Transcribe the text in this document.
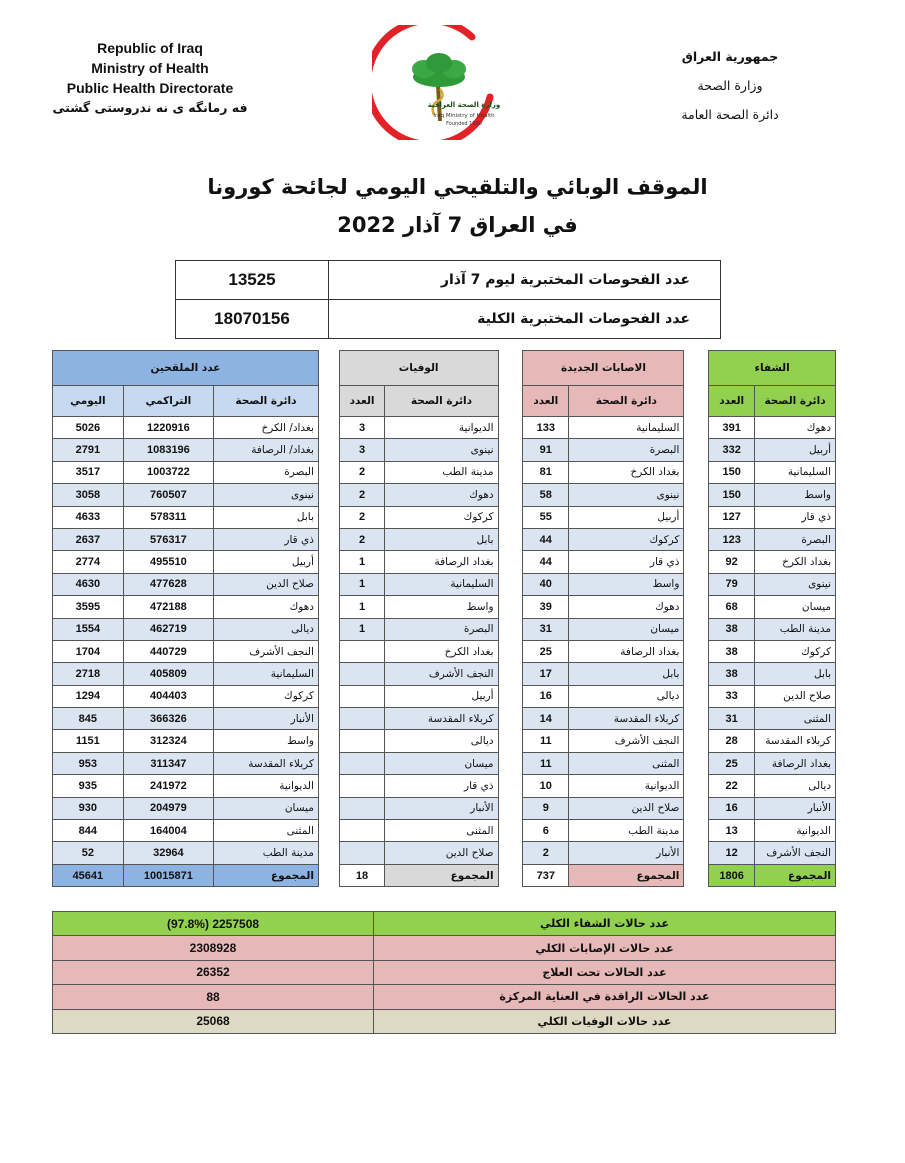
Republic of Iraq
Ministry of Health
Public Health Directorate
فه رمانگه ى نه ندروستى گشتى	وزارة الصحة العراقية
Iraq Ministry of Health
Founded 1920
جمهورية العراق
وزارة الصحة
دائرة الصحة العامة
الموقف الوبائي والتلقيحي اليومي لجائحة كورونا
في العراق 7 آذار 2022
عدد الفحوصات المختبرية ليوم 7 آذار	13525
عدد الفحوصات المختبرية الكلية	18070156
الشفاء			الاصابات الجديدة			الوفيات			عدد الملقحين		
دائرة الصحة	العدد		دائرة الصحة	العدد		دائرة الصحة	العدد		دائرة الصحة	التراكمي	اليومي
دهوك	391		السليمانية	133		الديوانية	3		بغداد/ الكرخ	1220916	5026
أربيل	332		البصرة	91		نينوى	3		بغداد/ الرصافة	1083196	2791
السليمانية	150		بغداد الكرخ	81		مدينة الطب	2		البصرة	1003722	3517
واسط	150		نينوى	58		دهوك	2		نينوى	760507	3058
ذي قار	127		أربيل	55		كركوك	2		بابل	578311	4633
البصرة	123		كركوك	44		بابل	2		ذي قار	576317	2637
بغداد الكرخ	92		ذي قار	44		بغداد الرصافة	1		أربيل	495510	2774
نينوى	79		واسط	40		السليمانية	1		صلاح الدين	477628	4630
ميسان	68		دهوك	39		واسط	1		دهوك	472188	3595
مدينة الطب	38		ميسان	31		البصرة	1		ديالى	462719	1554
كركوك	38		بغداد الرصافة	25		بغداد الكرخ			النجف الأشرف	440729	1704
بابل	38		بابل	17		النجف الأشرف			السليمانية	405809	2718
صلاح الدين	33		ديالى	16		أربيل			كركوك	404403	1294
المثنى	31		كربلاء المقدسة	14		كربلاء المقدسة			الأنبار	366326	845
كربلاء المقدسة	28		النجف الأشرف	11		ديالى			واسط	312324	1151
بغداد الرصافة	25		المثنى	11		ميسان			كربلاء المقدسة	311347	953
ديالى	22		الديوانية	10		ذي قار			الديوانية	241972	935
الأنبار	16		صلاح الدين	9		الأنبار			ميسان	204979	930
الديوانية	13		مدينة الطب	6		المثنى			المثنى	164004	844
النجف الأشرف	12		الأنبار	2		صلاح الدين			مدينة الطب	32964	52
المجموع	1806		المجموع	737		المجموع	18		المجموع	10015871	45641
عدد حالات الشفاء الكلي	2257508 (97.8%)
عدد حالات الإصابات الكلي	2308928
عدد الحالات تحت العلاج	26352
عدد الحالات الراقدة في العناية المركزة	88
عدد حالات الوفيات الكلي	25068
